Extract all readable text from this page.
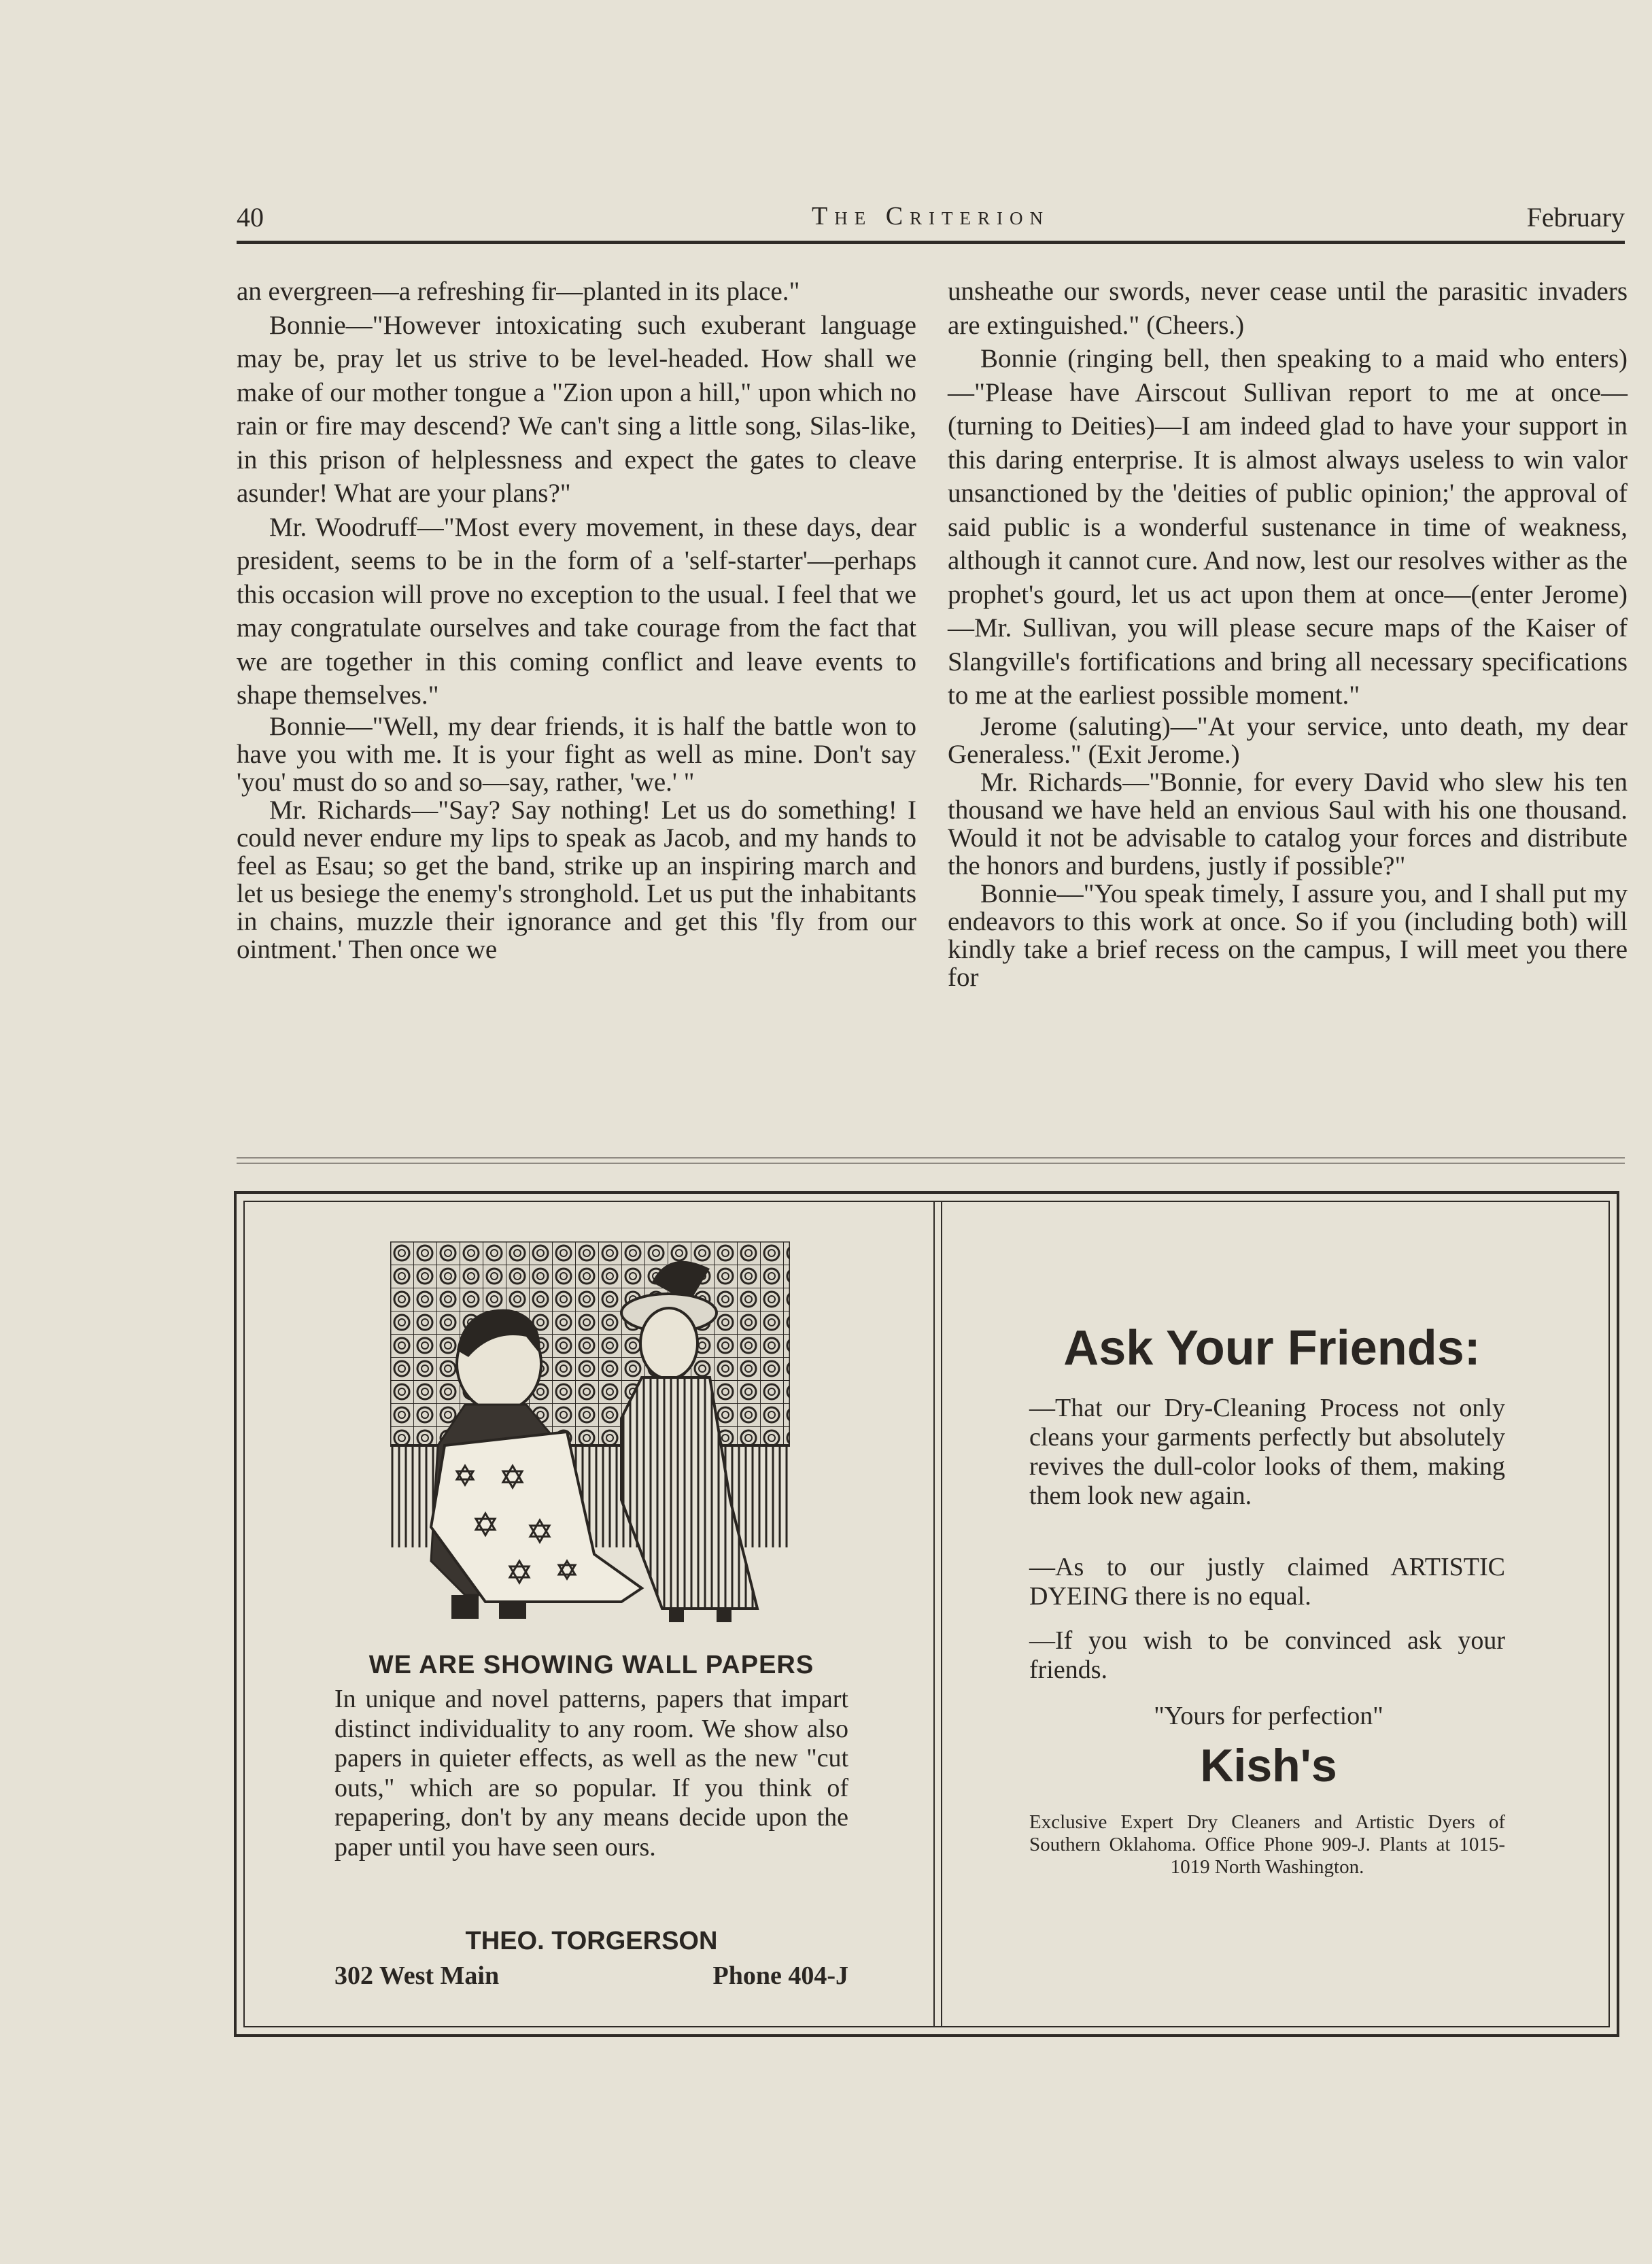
40	The Criterion	February

an evergreen—a refreshing fir—planted in its place."

Bonnie—"However intoxicating such exuberant language may be, pray let us strive to be level-headed. How shall we make of our mother tongue a "Zion upon a hill," upon which no rain or fire may descend? We can't sing a little song, Silas-like, in this prison of helplessness and expect the gates to cleave asunder! What are your plans?"

Mr. Woodruff—"Most every movement, in these days, dear president, seems to be in the form of a 'self-starter'—perhaps this occasion will prove no exception to the usual. I feel that we may congratulate ourselves and take courage from the fact that we are together in this coming conflict and leave events to shape themselves."

Bonnie—"Well, my dear friends, it is half the battle won to have you with me. It is your fight as well as mine. Don't say 'you' must do so and so—say, rather, 'we.' "

Mr. Richards—"Say? Say nothing! Let us do something! I could never endure my lips to speak as Jacob, and my hands to feel as Esau; so get the band, strike up an inspiring march and let us besiege the enemy's stronghold. Let us put the inhabitants in chains, muzzle their ignorance and get this 'fly from our ointment.' Then once we

unsheathe our swords, never cease until the parasitic invaders are extinguished." (Cheers.)

Bonnie (ringing bell, then speaking to a maid who enters)—"Please have Airscout Sullivan report to me at once—(turning to Deities)—I am indeed glad to have your support in this daring enterprise. It is almost always useless to win valor unsanctioned by the 'deities of public opinion;' the approval of said public is a wonderful sustenance in time of weakness, although it cannot cure. And now, lest our resolves wither as the prophet's gourd, let us act upon them at once—(enter Jerome)—Mr. Sullivan, you will please secure maps of the Kaiser of Slangville's fortifications and bring all necessary specifications to me at the earliest possible moment."

Jerome (saluting)—"At your service, unto death, my dear Generaless." (Exit Jerome.)

Mr. Richards—"Bonnie, for every David who slew his ten thousand we have held an envious Saul with his one thousand. Would it not be advisable to catalog your forces and distribute the honors and burdens, justly if possible?"

Bonnie—"You speak timely, I assure you, and I shall put my endeavors to this work at once. So if you (including both) will kindly take a brief recess on the campus, I will meet you there for

WE ARE SHOWING WALL PAPERS
In unique and novel patterns, papers that impart distinct individuality to any room. We show also papers in quieter effects, as well as the new "cut outs," which are so popular. If you think of repapering, don't by any means decide upon the paper until you have seen ours.
THEO. TORGERSON
302 West Main	Phone 404-J
Ask Your Friends:

—That our Dry-Cleaning Process not only cleans your garments perfectly but absolutely revives the dull-color looks of them, making them look new again.

—As to our justly claimed ARTISTIC DYEING there is no equal.

—If you wish to be convinced ask your friends.

"Yours for perfection"
Kish's
Exclusive Expert Dry Cleaners and Artistic Dyers of Southern Oklahoma. Office Phone 909-J. Plants at 1015-1019 North Washington.
